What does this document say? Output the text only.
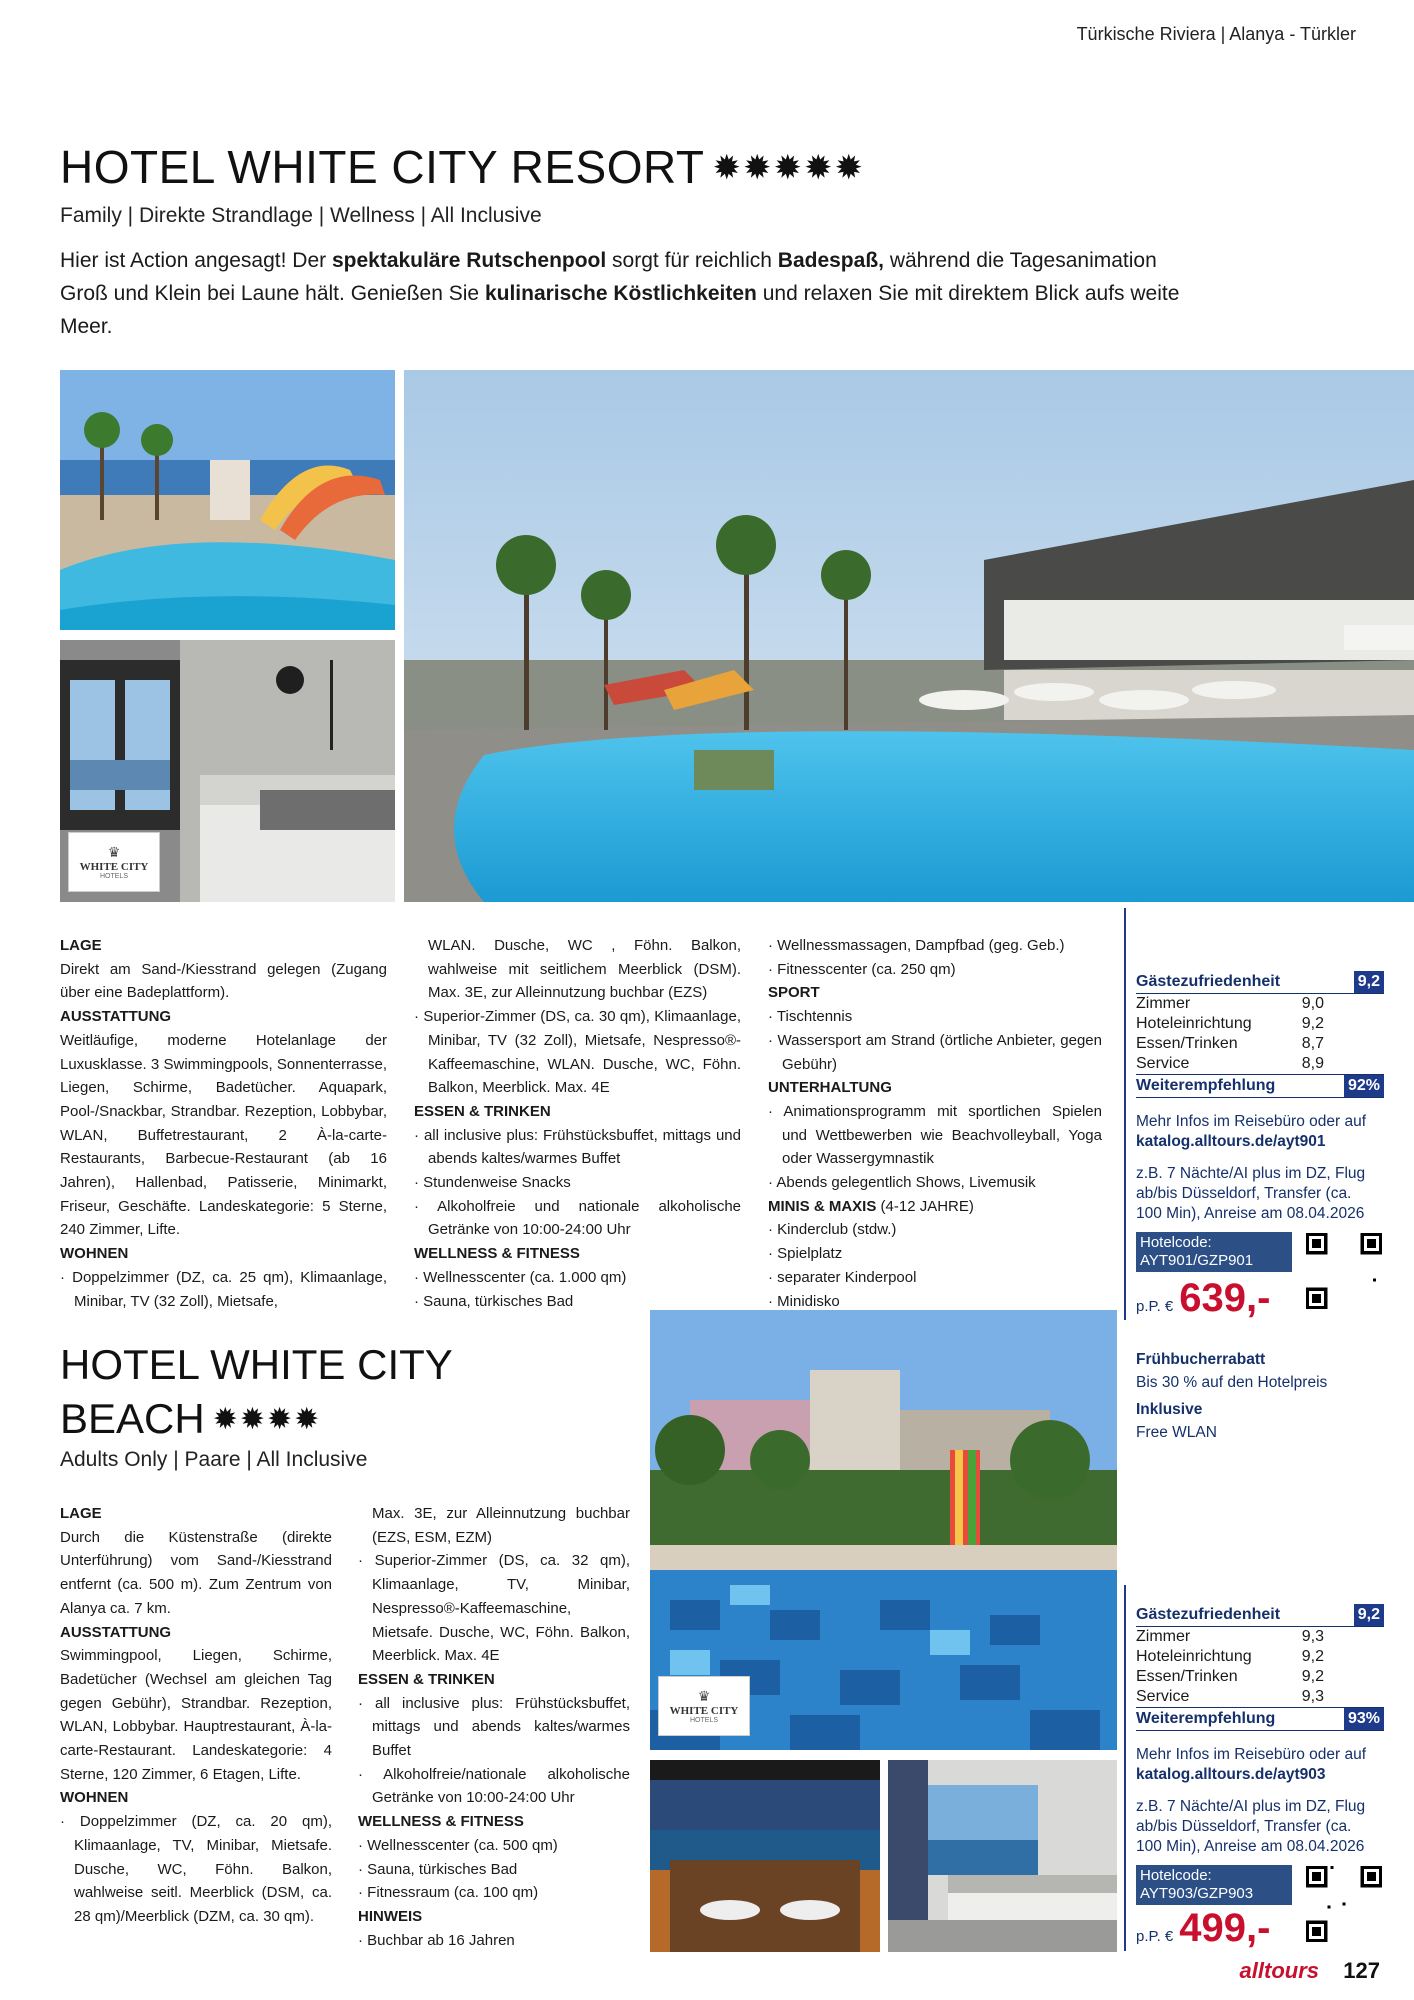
Türkische Riviera | Alanya - Türkler
HOTEL WHITE CITY RESORT ✹✹✹✹✹
Family | Direkte Strandlage | Wellness | All Inclusive
Hier ist Action angesagt! Der spektakuläre Rutschenpool sorgt für reichlich Badespaß, während die Tagesanimation Groß und Klein bei Laune hält. Genießen Sie kulinarische Köstlichkeiten und relaxen Sie mit direktem Blick aufs weite Meer.
♛
WHITE CITY
HOTELS
LAGE
Direkt am Sand-/Kiesstrand gelegen (Zugang über eine Badeplattform).
AUSSTATTUNG
Weitläufige, moderne Hotelanlage der Luxusklasse. 3 Swimmingpools, Sonnenterrasse, Liegen, Schirme, Badetücher. Aquapark, Pool-/Snackbar, Strandbar. Rezeption, Lobbybar, WLAN, Buffetrestaurant, 2 À-la-carte-Restaurants, Barbecue-Restaurant (ab 16 Jahren), Hallenbad, Patisserie, Minimarkt, Friseur, Geschäfte. Landeskategorie: 5 Sterne, 240 Zimmer, Lifte.
WOHNEN
· Doppelzimmer (DZ, ca. 25 qm), Klimaanlage, Minibar, TV (32 Zoll), Mietsafe,
WLAN. Dusche, WC , Föhn. Balkon, wahlweise mit seitlichem Meerblick (DSM). Max. 3E, zur Alleinnutzung buchbar (EZS)
· Superior-Zimmer (DS, ca. 30 qm), Klimaanlage, Minibar, TV (32 Zoll), Mietsafe, Nespresso®-Kaffeemaschine, WLAN. Dusche, WC, Föhn. Balkon, Meerblick. Max. 4E
ESSEN & TRINKEN
· all inclusive plus: Frühstücksbuffet, mittags und abends kaltes/warmes Buffet
· Stundenweise Snacks
· Alkoholfreie und nationale alkoholische Getränke von 10:00-24:00 Uhr
WELLNESS & FITNESS
· Wellnesscenter (ca. 1.000 qm)
· Sauna, türkisches Bad
· Wellnessmassagen, Dampfbad (geg. Geb.)
· Fitnesscenter (ca. 250 qm)
SPORT
· Tischtennis
· Wassersport am Strand (örtliche Anbieter, gegen Gebühr)
UNTERHALTUNG
· Animationsprogramm mit sportlichen Spielen und Wettbewerben wie Beachvolleyball, Yoga oder Wassergymnastik
· Abends gelegentlich Shows, Livemusik
MINIS & MAXIS (4-12 JAHRE)
· Kinderclub (stdw.)
· Spielplatz
· separater Kinderpool
· Minidisko
Gästezufriedenheit	9,2
Zimmer	9,0
Hoteleinrichtung	9,2
Essen/Trinken	8,7
Service	8,9
Weiterempfehlung	92%
Mehr Infos im Reisebüro oder auf
katalog.alltours.de/ayt901
z.B. 7 Nächte/AI plus im DZ, Flug ab/bis Düsseldorf, Transfer (ca. 100 Min), Anreise am 08.04.2026
Hotelcode:
AYT901/GZP901
p.P. € 639,-
Frühbucherrabatt
Bis 30 % auf den Hotelpreis
Inklusive
Free WLAN
HOTEL WHITE CITY
BEACH ✹✹✹✹
Adults Only | Paare | All Inclusive
LAGE
Durch die Küstenstraße (direkte Unterführung) vom Sand-/Kiesstrand entfernt (ca. 500 m). Zum Zentrum von Alanya ca. 7 km.
AUSSTATTUNG
Swimmingpool, Liegen, Schirme, Badetücher (Wechsel am gleichen Tag gegen Gebühr), Strandbar. Rezeption, WLAN, Lobbybar. Hauptrestaurant, À-la-carte-Restaurant. Landeskategorie: 4 Sterne, 120 Zimmer, 6 Etagen, Lifte.
WOHNEN
· Doppelzimmer (DZ, ca. 20 qm), Klimaanlage, TV, Minibar, Mietsafe. Dusche, WC, Föhn. Balkon, wahlweise seitl. Meerblick (DSM, ca. 28 qm)/Meerblick (DZM, ca. 30 qm).
Max. 3E, zur Alleinnutzung buchbar (EZS, ESM, EZM)
· Superior-Zimmer (DS, ca. 32 qm), Klimaanlage, TV, Minibar, Nespresso®-Kaffeemaschine, Mietsafe. Dusche, WC, Föhn. Balkon, Meerblick. Max. 4E
ESSEN & TRINKEN
· all inclusive plus: Frühstücksbuffet, mittags und abends kaltes/warmes Buffet
· Alkoholfreie/nationale alkoholische Getränke von 10:00-24:00 Uhr
WELLNESS & FITNESS
· Wellnesscenter (ca. 500 qm)
· Sauna, türkisches Bad
· Fitnessraum (ca. 100 qm)
HINWEIS
· Buchbar ab 16 Jahren
♛
WHITE CITY
HOTELS
Gästezufriedenheit	9,2
Zimmer	9,3
Hoteleinrichtung	9,2
Essen/Trinken	9,2
Service	9,3
Weiterempfehlung	93%
Mehr Infos im Reisebüro oder auf
katalog.alltours.de/ayt903
z.B. 7 Nächte/AI plus im DZ, Flug ab/bis Düsseldorf, Transfer (ca. 100 Min), Anreise am 08.04.2026
Hotelcode:
AYT903/GZP903
p.P. € 499,-
alltours 127
